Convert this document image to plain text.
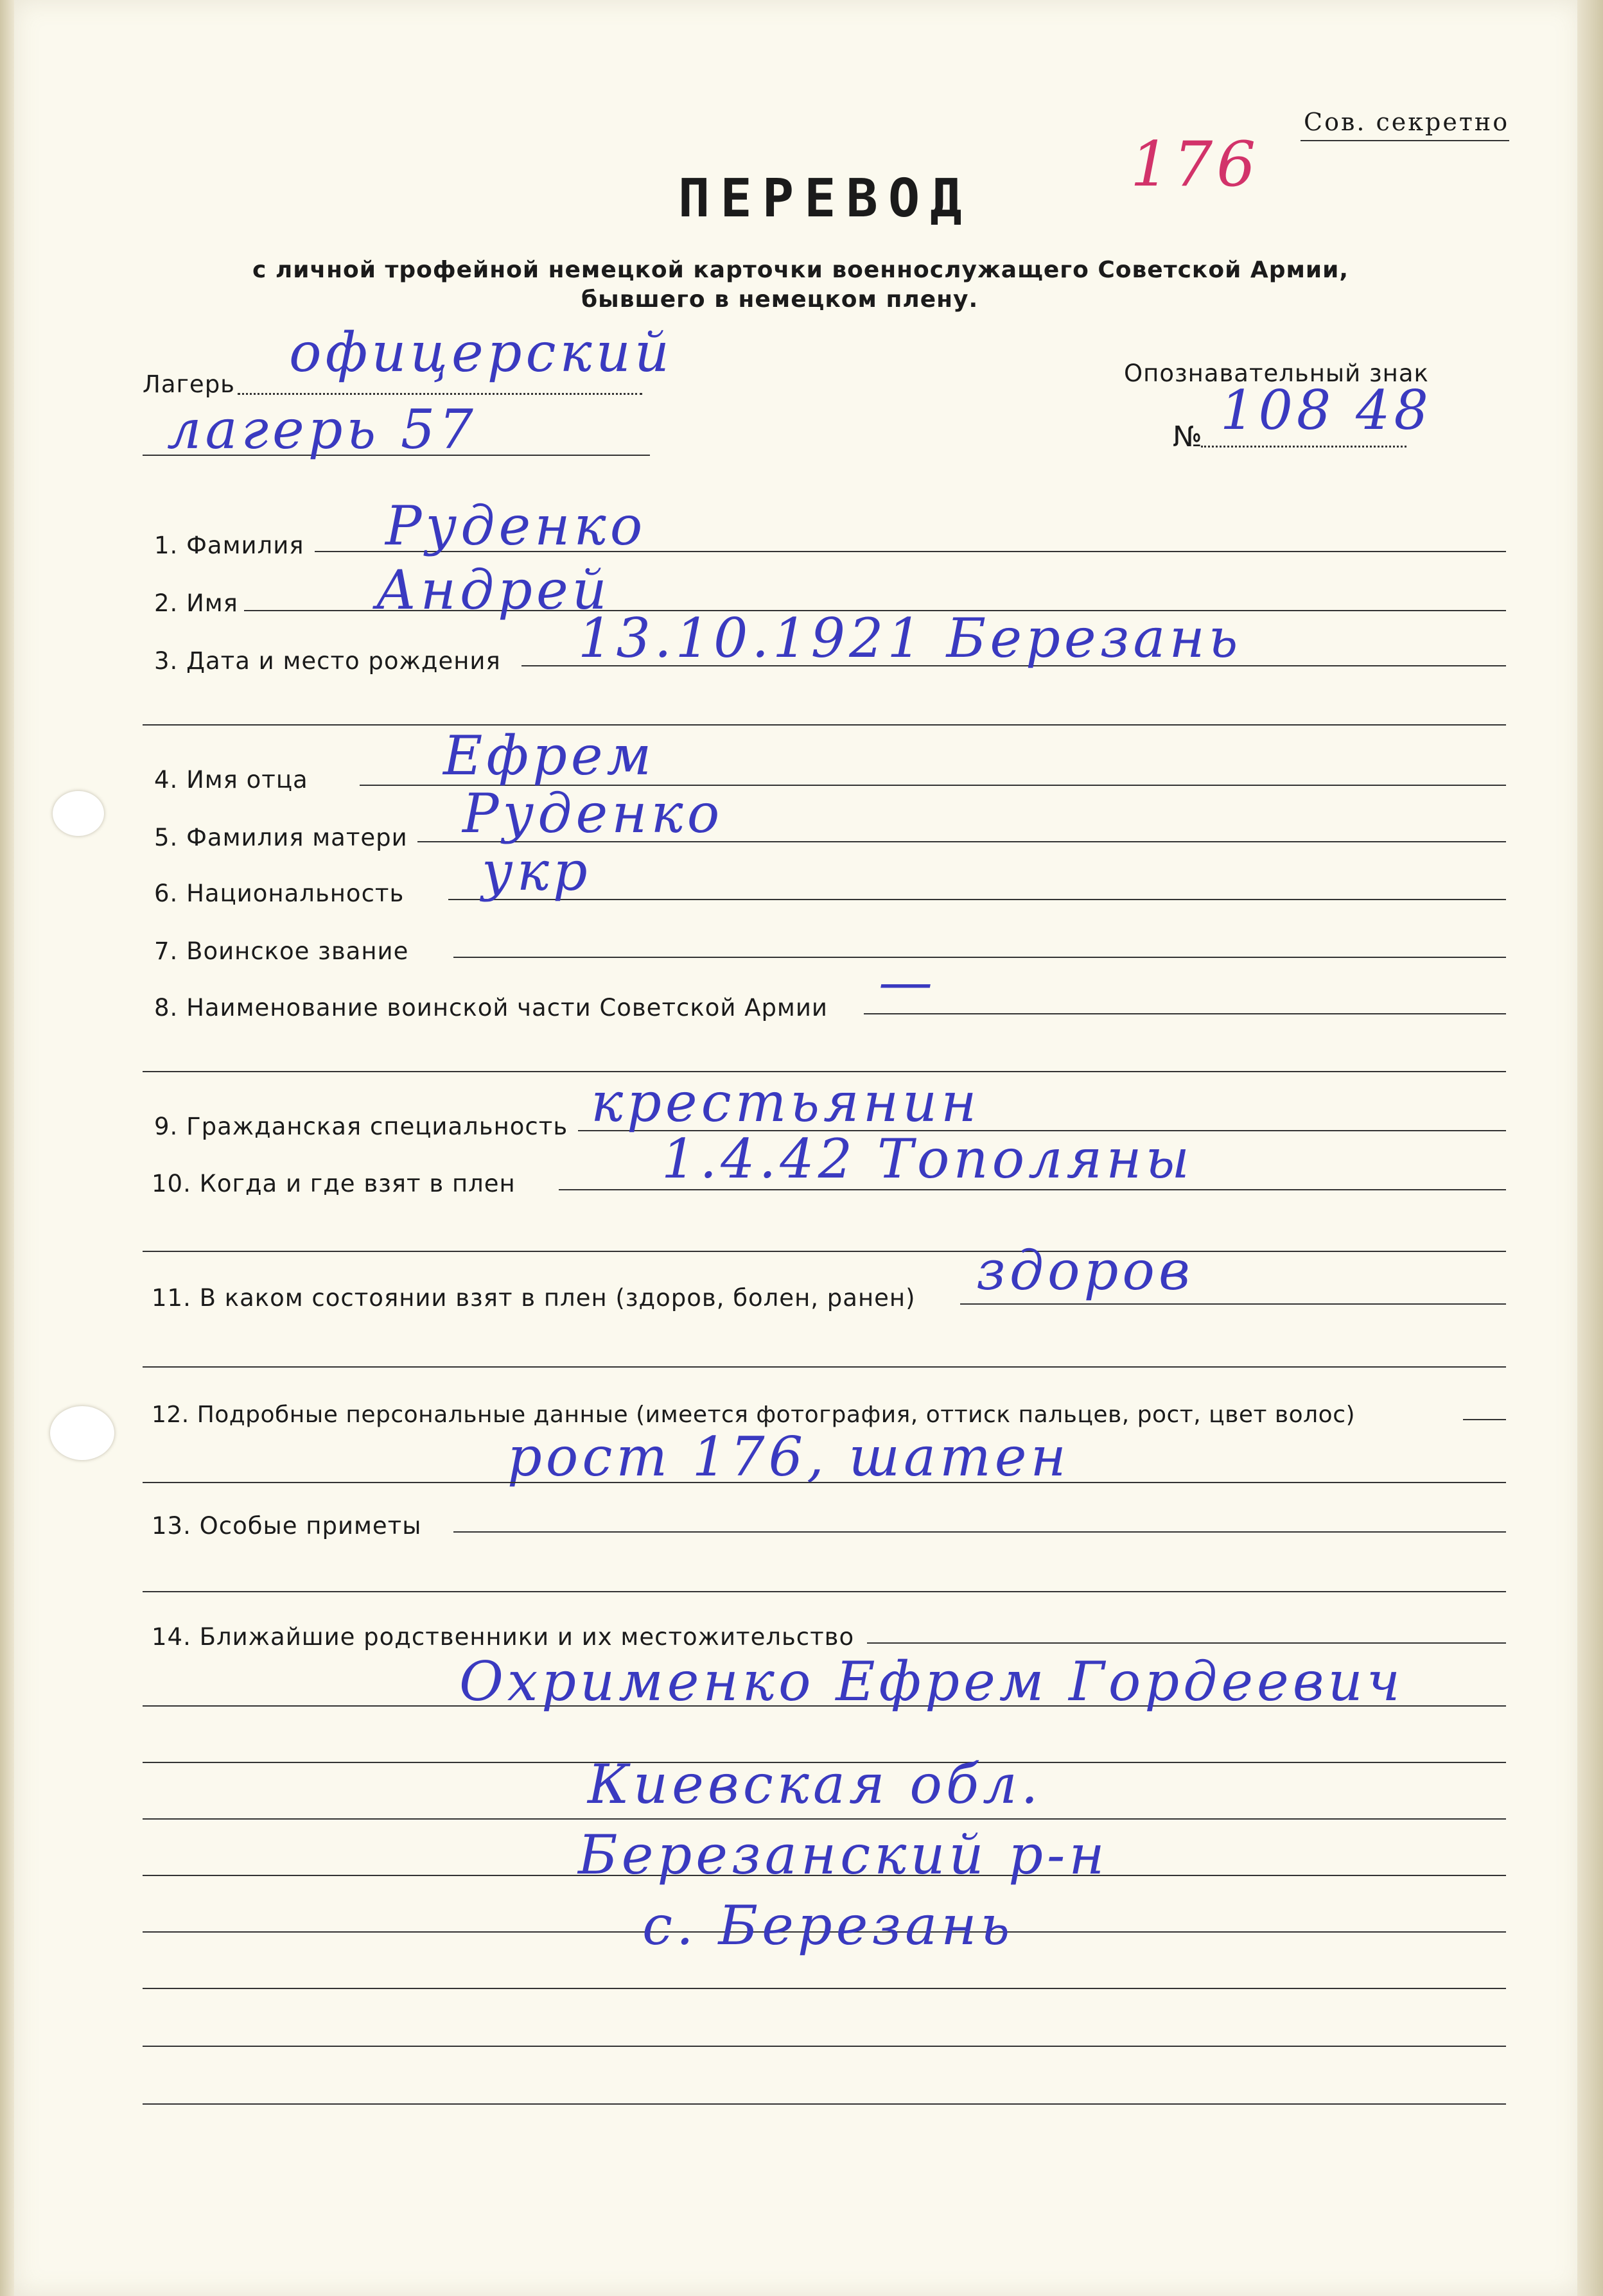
Сов. секретно
176
ПЕРЕВОД
с личной трофейной немецкой карточки военнослужащего Советской Армии,
бывшего в немецком плену.
Лагерь
офицерский
лагерь 57
Опознавательный знак
№ 108 48
1. Фамилия Руденко
2. Имя	Андрей
3. Дата и место рождения 13.10.1921 Березань
4. Имя отца	Ефрем
5. Фамилия матери Руденко
6. Национальность укр
7. Воинское звание
8. Наименование воинской части Советской Армии —
9. Гражданская специальность крестьянин
10. Когда и где взят в плен	1.4.42 Тополяны
11. В каком состоянии взят в плен (здоров, болен, ранен) здоров
12. Подробные персональные данные (имеется фотография, оттиск пальцев, рост, цвет волос)
рост 176, шатен
13. Особые приметы
14. Ближайшие родственники и их местожительство
Охрименко Ефрем Гордеевич
Киевская обл.
Березанский р-н
с. Березань
